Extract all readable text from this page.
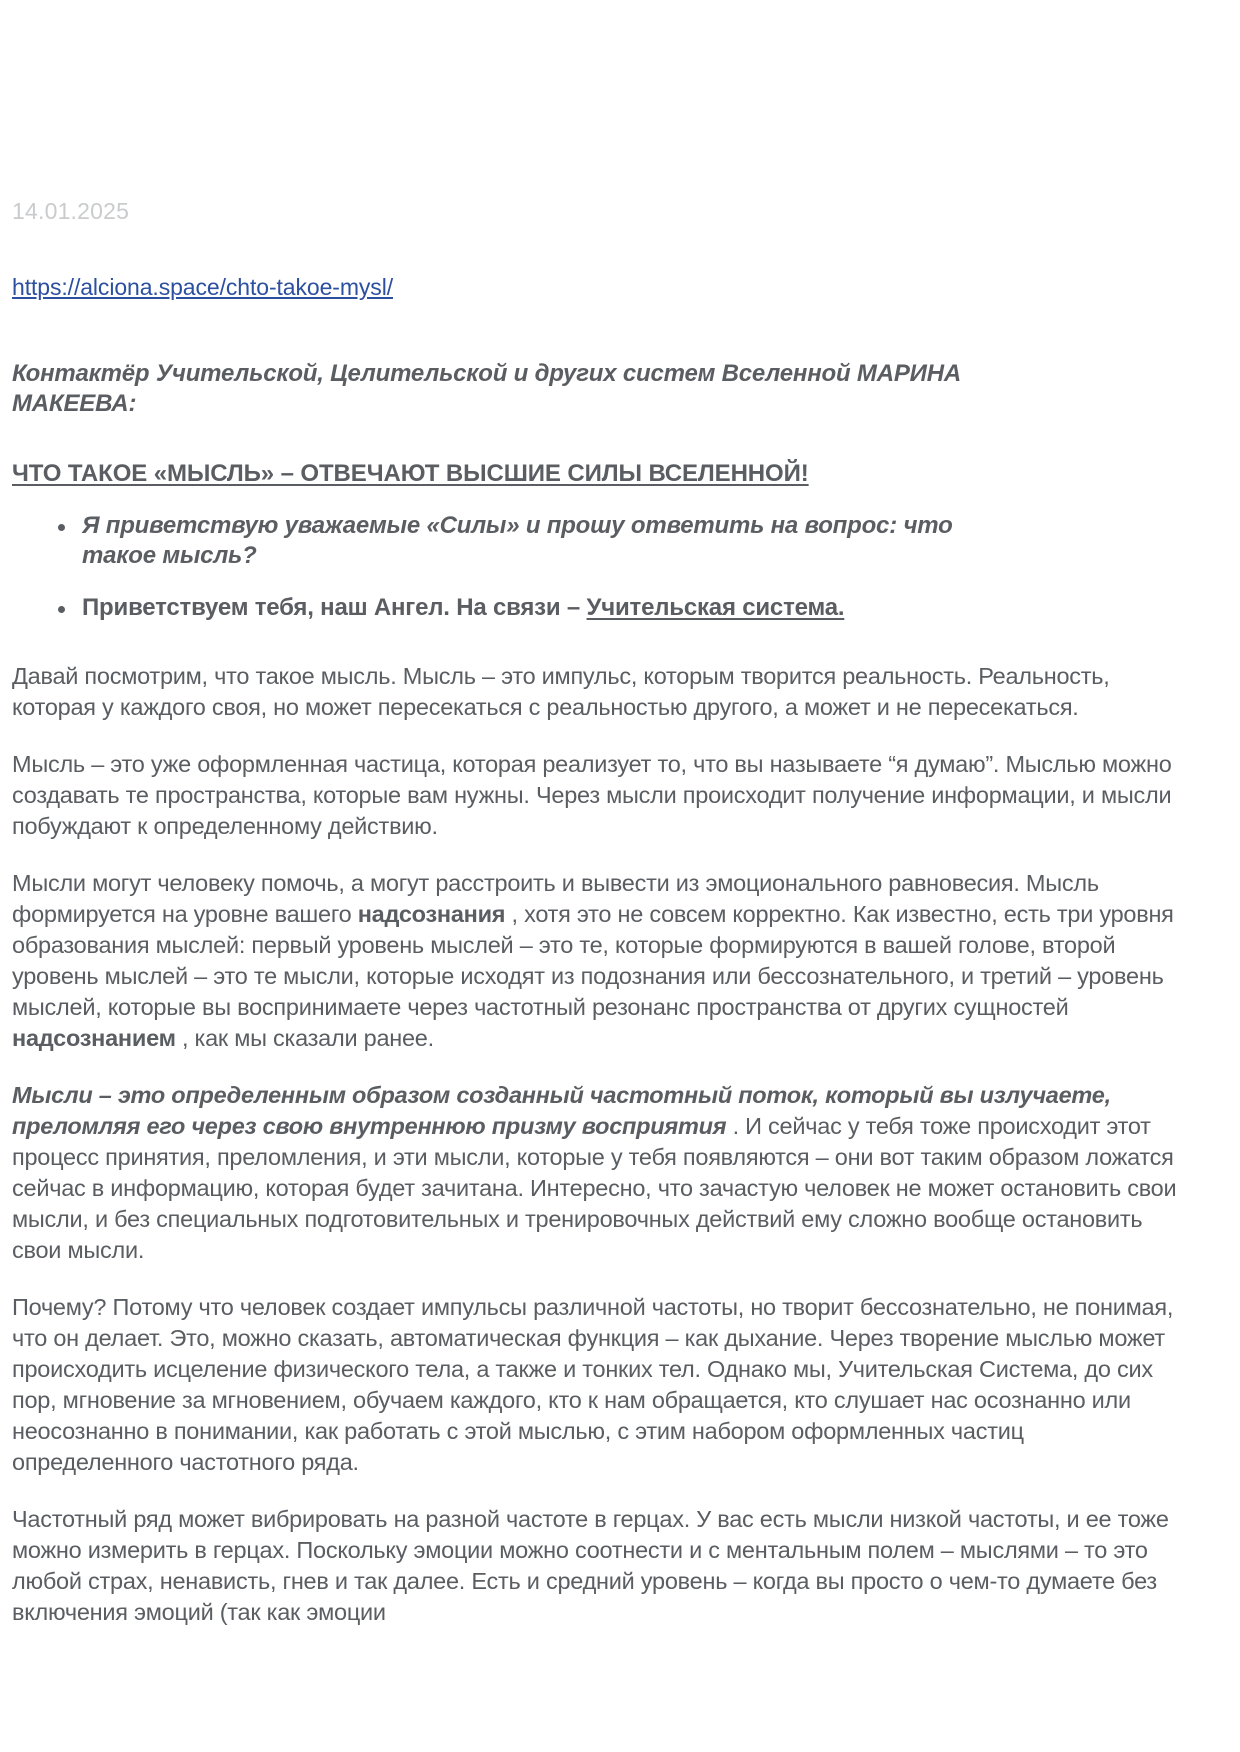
14.01.2025
https://alciona.space/chto-takoe-mysl/
Контактёр Учительской, Целительской и других систем Вселенной МАРИНА МАКЕЕВА:
ЧТО ТАКОЕ «МЫСЛЬ» – ОТВЕЧАЮТ ВЫСШИЕ СИЛЫ ВСЕЛЕННОЙ!
Я приветствую уважаемые «Силы» и прошу ответить на вопрос: что такое мысль?
Приветствуем тебя, наш Ангел. На связи – Учительская система.

Давай посмотрим, что такое мысль. Мысль – это импульс, которым творится реальность. Реальность, которая у каждого своя, но может пересекаться с реальностью другого, а может и не пересекаться.

Мысль – это уже оформленная частица, которая реализует то, что вы называете “я думаю”. Мыслью можно создавать те пространства, которые вам нужны. Через мысли происходит получение информации, и мысли побуждают к определенному действию.

Мысли могут человеку помочь, а могут расстроить и вывести из эмоционального равновесия. Мысль формируется на уровне вашего надсознания , хотя это не совсем корректно. Как известно, есть три уровня образования мыслей: первый уровень мыслей – это те, которые формируются в вашей голове, второй уровень мыслей – это те мысли, которые исходят из подознания или бессознательного, и третий – уровень мыслей, которые вы воспринимаете через частотный резонанс пространства от других сущностей надсознанием , как мы сказали ранее.

Мысли – это определенным образом созданный частотный поток, который вы излучаете, преломляя его через свою внутреннюю призму восприятия . И сейчас у тебя тоже происходит этот процесс принятия, преломления, и эти мысли, которые у тебя появляются – они вот таким образом ложатся сейчас в информацию, которая будет зачитана. Интересно, что зачастую человек не может остановить свои мысли, и без специальных подготовительных и тренировочных действий ему сложно вообще остановить свои мысли.

Почему? Потому что человек создает импульсы различной частоты, но творит бессознательно, не понимая, что он делает. Это, можно сказать, автоматическая функция – как дыхание. Через творение мыслью может происходить исцеление физического тела, а также и тонких тел. Однако мы, Учительская Система, до сих пор, мгновение за мгновением, обучаем каждого, кто к нам обращается, кто слушает нас осознанно или неосознанно в понимании, как работать с этой мыслью, с этим набором оформленных частиц определенного частотного ряда.

Частотный ряд может вибрировать на разной частоте в герцах. У вас есть мысли низкой частоты, и ее тоже можно измерить в герцах. Поскольку эмоции можно соотнести и с ментальным полем – мыслями – то это любой страх, ненависть, гнев и так далее. Есть и средний уровень – когда вы просто о чем-то думаете без включения эмоций (так как эмоции
